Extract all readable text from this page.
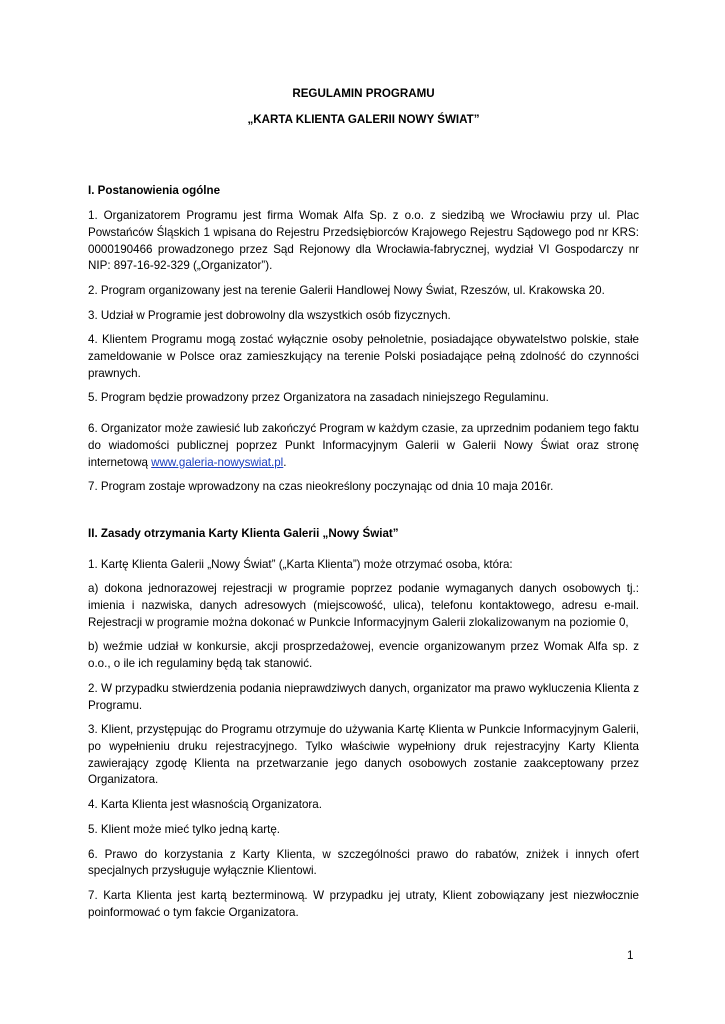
REGULAMIN PROGRAMU

„KARTA KLIENTA GALERII NOWY ŚWIAT”

I. Postanowienia ogólne

1. Organizatorem Programu jest firma Womak Alfa Sp. z o.o. z siedzibą we Wrocławiu przy ul. Plac Powstańców Śląskich 1 wpisana do Rejestru Przedsiębiorców Krajowego Rejestru Sądowego pod nr KRS: 0000190466 prowadzonego przez Sąd Rejonowy dla Wrocławia-fabrycznej, wydział VI Gospodarczy nr NIP: 897-16-92-329 („Organizator”).

2. Program organizowany jest na terenie Galerii Handlowej Nowy Świat, Rzeszów, ul. Krakowska 20.

3. Udział w Programie jest dobrowolny dla wszystkich osób fizycznych.

4. Klientem Programu mogą zostać wyłącznie osoby pełnoletnie, posiadające obywatelstwo polskie, stałe zameldowanie w Polsce oraz zamieszkujący na terenie Polski posiadające pełną zdolność do czynności prawnych.

5. Program będzie prowadzony przez Organizatora na zasadach niniejszego Regulaminu.

6. Organizator może zawiesić lub zakończyć Program w każdym czasie, za uprzednim podaniem tego faktu do wiadomości publicznej poprzez Punkt Informacyjnym Galerii w Galerii Nowy Świat oraz stronę internetową www.galeria-nowyswiat.pl.

7. Program zostaje wprowadzony na czas nieokreślony poczynając od dnia 10 maja 2016r.

II. Zasady otrzymania Karty Klienta Galerii „Nowy Świat”

1. Kartę Klienta Galerii „Nowy Świat” („Karta Klienta”) może otrzymać osoba, która:

a) dokona jednorazowej rejestracji w programie poprzez podanie wymaganych danych osobowych tj.: imienia i nazwiska, danych adresowych (miejscowość, ulica), telefonu kontaktowego, adresu e-mail. Rejestracji w programie można dokonać w Punkcie Informacyjnym Galerii zlokalizowanym na poziomie 0,

b) weźmie udział w konkursie, akcji prosprzedażowej, evencie organizowanym przez Womak Alfa sp. z o.o., o ile ich regulaminy będą tak stanowić.

2. W przypadku stwierdzenia podania nieprawdziwych danych, organizator ma prawo wykluczenia Klienta z Programu.

3. Klient, przystępując do Programu otrzymuje do używania Kartę Klienta w Punkcie Informacyjnym Galerii, po wypełnieniu druku rejestracyjnego. Tylko właściwie wypełniony druk rejestracyjny Karty Klienta zawierający zgodę Klienta na przetwarzanie jego danych osobowych zostanie zaakceptowany przez Organizatora.

4. Karta Klienta jest własnością Organizatora.

5. Klient może mieć tylko jedną kartę.

6. Prawo do korzystania z Karty Klienta, w szczególności prawo do rabatów, zniżek i innych ofert specjalnych przysługuje wyłącznie Klientowi.

7. Karta Klienta jest kartą bezterminową. W przypadku jej utraty, Klient zobowiązany jest niezwłocznie poinformować o tym fakcie Organizatora.

1
